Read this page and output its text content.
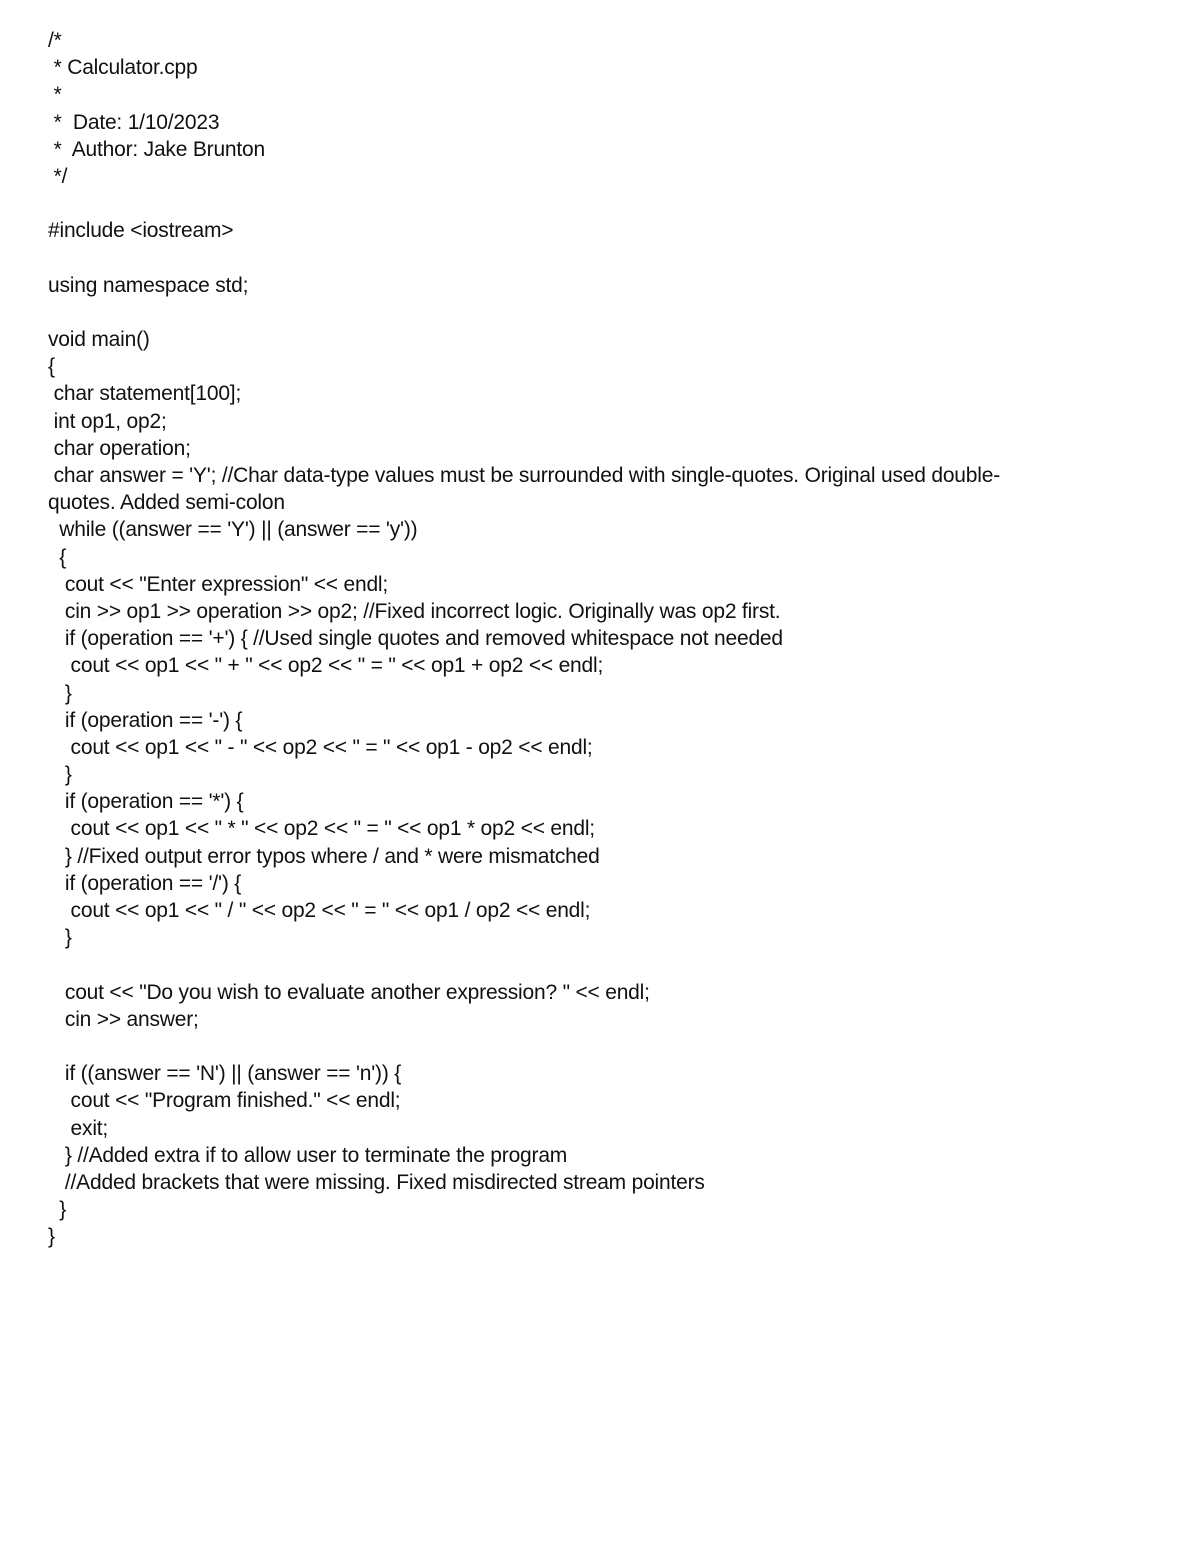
/*
* Calculator.cpp
*
*  Date: 1/10/2023
*  Author: Jake Brunton
*/
#include <iostream>
using namespace std;
void main()
{
char statement[100];
int op1, op2;
char operation;
char answer = 'Y'; //Char data-type values must be surrounded with single-quotes. Original used double-
quotes. Added semi-colon
while ((answer == 'Y') || (answer == 'y'))
{
cout << "Enter expression" << endl;
cin >> op1 >> operation >> op2; //Fixed incorrect logic. Originally was op2 first.
if (operation == '+') { //Used single quotes and removed whitespace not needed
cout << op1 << " + " << op2 << " = " << op1 + op2 << endl;
}
if (operation == '-') {
cout << op1 << " - " << op2 << " = " << op1 - op2 << endl;
}
if (operation == '*') {
cout << op1 << " * " << op2 << " = " << op1 * op2 << endl;
} //Fixed output error typos where / and * were mismatched
if (operation == '/') {
cout << op1 << " / " << op2 << " = " << op1 / op2 << endl;
}
cout << "Do you wish to evaluate another expression? " << endl;
cin >> answer;
if ((answer == 'N') || (answer == 'n')) {
cout << "Program finished." << endl;
exit;
} //Added extra if to allow user to terminate the program
//Added brackets that were missing. Fixed misdirected stream pointers
}
}
